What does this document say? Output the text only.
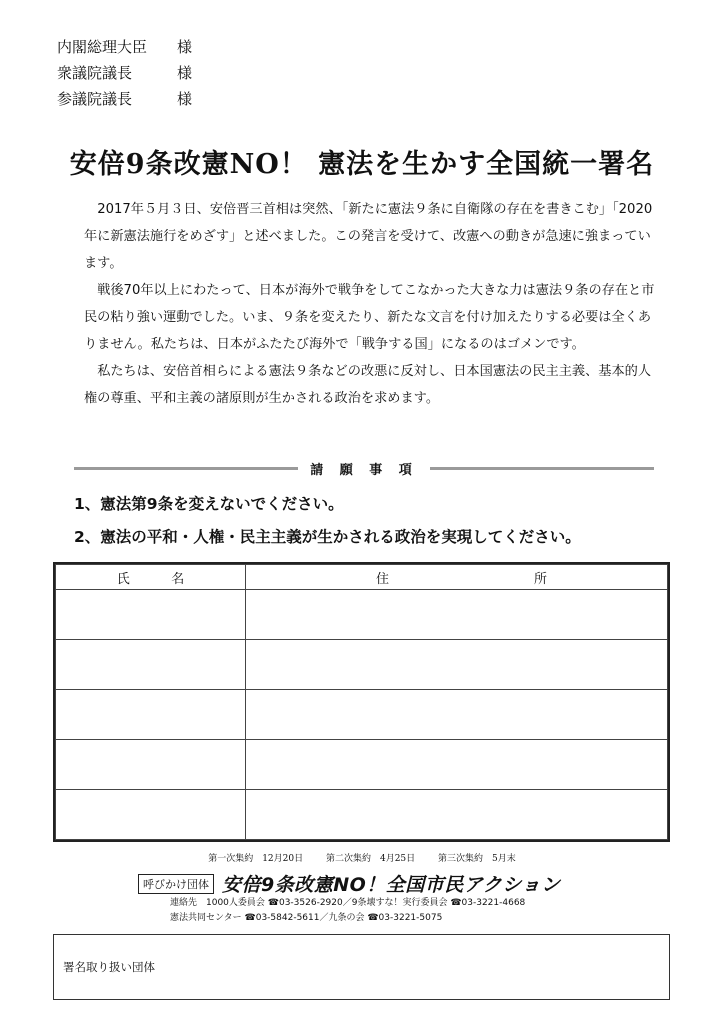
内閣総理大臣	様
衆議院議長	様
参議院議長	様
安倍9条改憲NO！ 憲法を生かす全国統一署名

2017年５月３日、安倍晋三首相は突然、「新たに憲法９条に自衛隊の存在を書きこむ」「2020年に新憲法施行をめざす」と述べました。この発言を受けて、改憲への動きが急速に強まっています。

戦後70年以上にわたって、日本が海外で戦争をしてこなかった大きな力は憲法９条の存在と市民の粘り強い運動でした。いま、９条を変えたり、新たな文言を付け加えたりする必要は全くありません。私たちは、日本がふたたび海外で「戦争する国」になるのはゴメンです。

私たちは、安倍首相らによる憲法９条などの改悪に反対し、日本国憲法の民主主義、基本的人権の尊重、平和主義の諸原則が生かされる政治を求めます。

請 願 事 項
1、憲法第9条を変えないでください。
2、憲法の平和・人権・民主主義が生かされる政治を実現してください。
氏 名	住 所

第一次集約　12月20日	第二次集約　4月25日	第三次集約　5月末
呼びかけ団体 安倍9条改憲NO！全国市民アクション
連絡先　1000人委員会 ☎03-3526-2920／9条壊すな！実行委員会 ☎03-3221-4668
憲法共同センター ☎03-5842-5611／九条の会 ☎03-3221-5075
署名取り扱い団体
